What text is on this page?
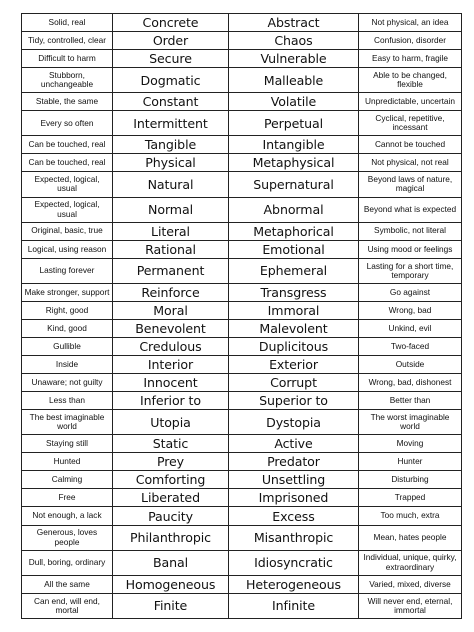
Solid, real	Concrete	Abstract	Not physical, an idea
Tidy, controlled, clear	Order	Chaos	Confusion, disorder
Difficult to harm	Secure	Vulnerable	Easy to harm, fragile
Stubborn, unchangeable	Dogmatic	Malleable	Able to be changed, flexible
Stable, the same	Constant	Volatile	Unpredictable, uncertain
Every so often	Intermittent	Perpetual	Cyclical, repetitive, incessant
Can be touched, real	Tangible	Intangible	Cannot be touched
Can be touched, real	Physical	Metaphysical	Not physical, not real
Expected, logical, usual	Natural	Supernatural	Beyond laws of nature, magical
Expected, logical, usual	Normal	Abnormal	Beyond what is expected
Original, basic, true	Literal	Metaphorical	Symbolic, not literal
Logical, using reason	Rational	Emotional	Using mood or feelings
Lasting forever	Permanent	Ephemeral	Lasting for a short time, temporary
Make stronger, support	Reinforce	Transgress	Go against
Right, good	Moral	Immoral	Wrong, bad
Kind, good	Benevolent	Malevolent	Unkind, evil
Gullible	Credulous	Duplicitous	Two-faced
Inside	Interior	Exterior	Outside
Unaware; not guilty	Innocent	Corrupt	Wrong, bad, dishonest
Less than	Inferior to	Superior to	Better than
The best imaginable world	Utopia	Dystopia	The worst imaginable world
Staying still	Static	Active	Moving
Hunted	Prey	Predator	Hunter
Calming	Comforting	Unsettling	Disturbing
Free	Liberated	Imprisoned	Trapped
Not enough, a lack	Paucity	Excess	Too much, extra
Generous, loves people	Philanthropic	Misanthropic	Mean, hates people
Dull, boring, ordinary	Banal	Idiosyncratic	Individual, unique, quirky, extraordinary
All the same	Homogeneous	Heterogeneous	Varied, mixed, diverse
Can end, will end, mortal	Finite	Infinite	Will never end, eternal, immortal
